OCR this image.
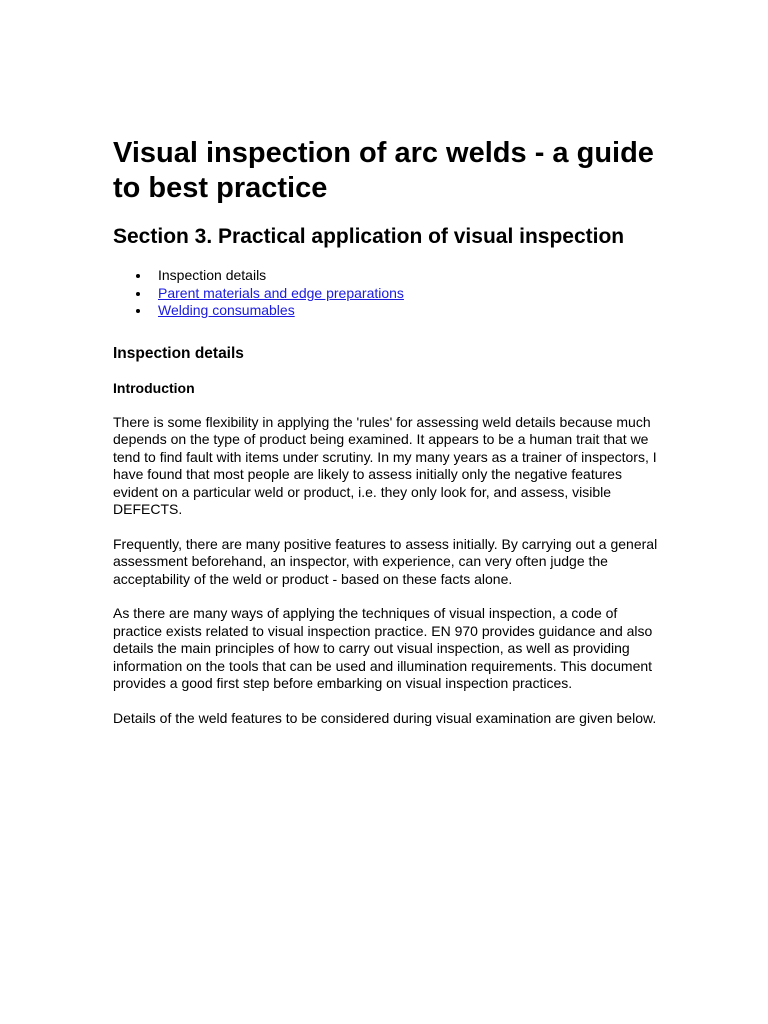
Visual inspection of arc welds - a guide to best practice
Section 3. Practical application of visual inspection
Inspection details
Parent materials and edge preparations
Welding consumables
Inspection details
Introduction

There is some flexibility in applying the 'rules' for assessing weld details because much depends on the type of product being examined. It appears to be a human trait that we tend to find fault with items under scrutiny. In my many years as a trainer of inspectors, I have found that most people are likely to assess initially only the negative features evident on a particular weld or product, i.e. they only look for, and assess, visible DEFECTS.

Frequently, there are many positive features to assess initially. By carrying out a general assessment beforehand, an inspector, with experience, can very often judge the acceptability of the weld or product - based on these facts alone.

As there are many ways of applying the techniques of visual inspection, a code of practice exists related to visual inspection practice. EN 970 provides guidance and also details the main principles of how to carry out visual inspection, as well as providing information on the tools that can be used and illumination requirements. This document provides a good first step before embarking on visual inspection practices.

Details of the weld features to be considered during visual examination are given below.
